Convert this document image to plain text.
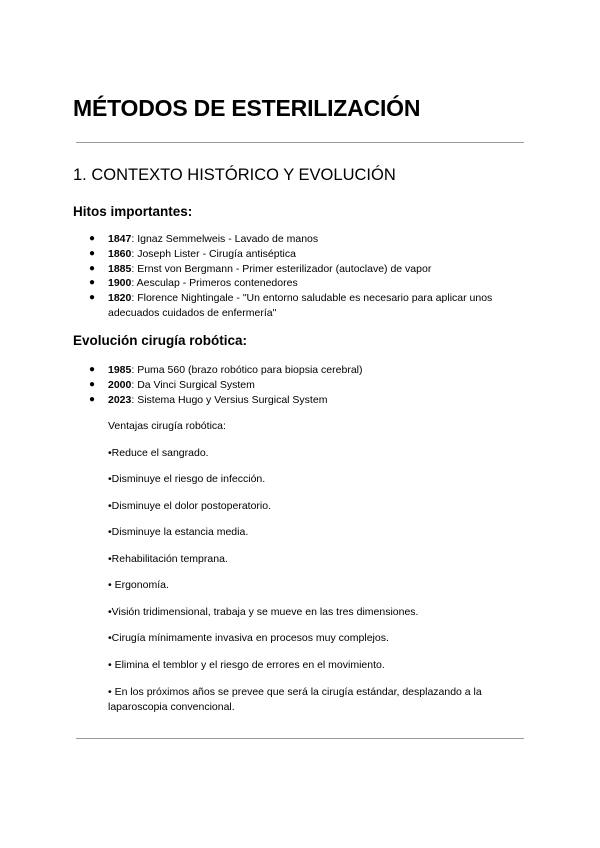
MÉTODOS DE ESTERILIZACIÓN
1. CONTEXTO HISTÓRICO Y EVOLUCIÓN
Hitos importantes:
● 1847: Ignaz Semmelweis - Lavado de manos
● 1860: Joseph Lister - Cirugía antiséptica
● 1885: Ernst von Bergmann - Primer esterilizador (autoclave) de vapor
● 1900: Aesculap - Primeros contenedores
● 1820: Florence Nightingale - "Un entorno saludable es necesario para aplicar unos adecuados cuidados de enfermería"
Evolución cirugía robótica:
● 1985: Puma 560 (brazo robótico para biopsia cerebral)
● 2000: Da Vinci Surgical System
● 2023: Sistema Hugo y Versius Surgical System
Ventajas cirugía robótica:
•Reduce el sangrado.
•Disminuye el riesgo de infección.
•Disminuye el dolor postoperatorio.
•Disminuye la estancia media.
•Rehabilitación temprana.
• Ergonomía.
•Visión tridimensional, trabaja y se mueve en las tres dimensiones.
•Cirugía mínimamente invasiva en procesos muy complejos.
• Elimina el temblor y el riesgo de errores en el movimiento.
• En los próximos años se prevee que será la cirugía estándar, desplazando a la laparoscopia convencional.
